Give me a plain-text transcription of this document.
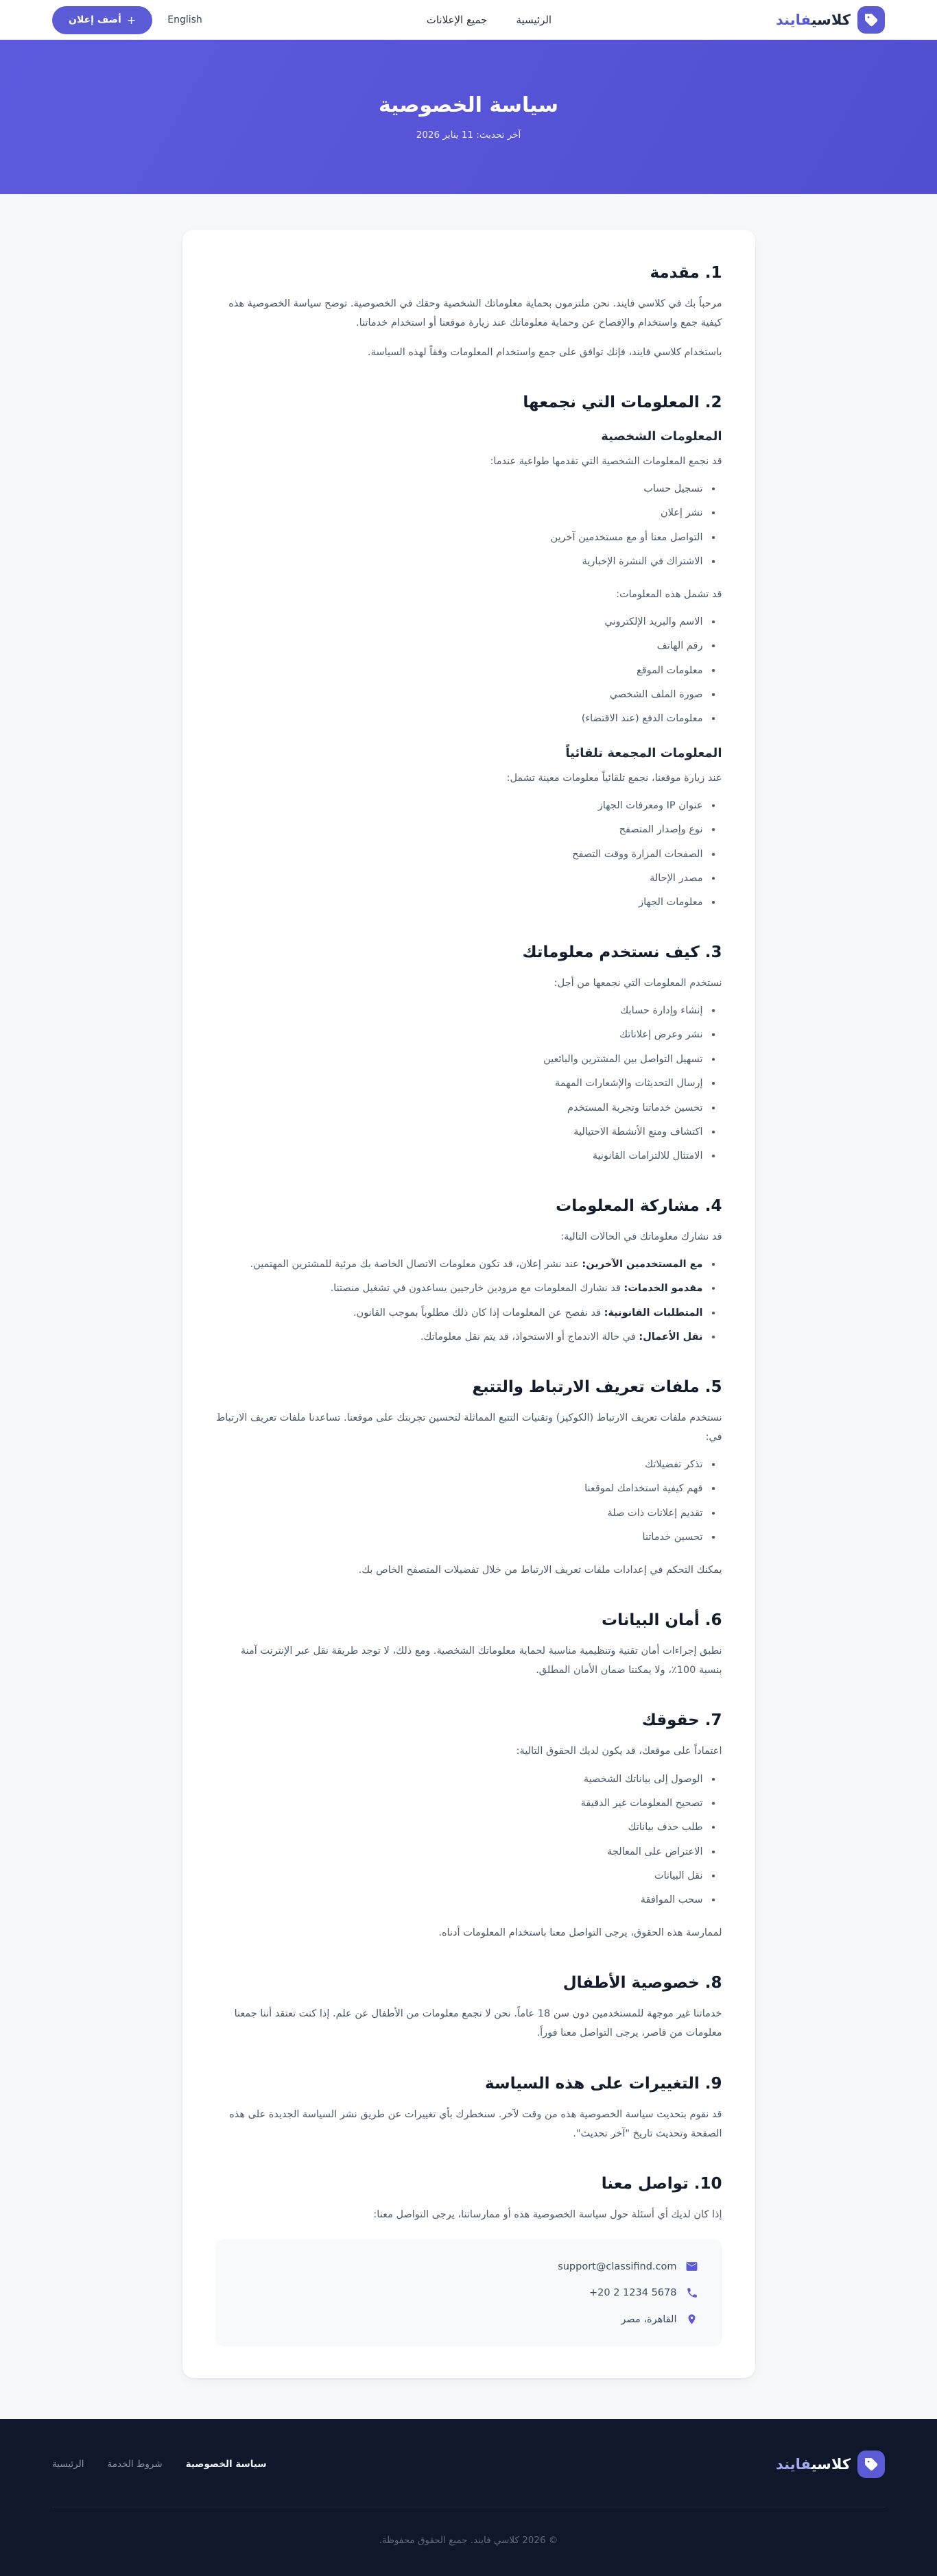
كلاسيفايند
الرئيسية
جميع الإعلانات
English
+
أضف إعلان
سياسة الخصوصية

آخر تحديث: 11 يناير 2026

1. مقدمة

مرحباً بك في كلاسي فايند. نحن ملتزمون بحماية معلوماتك الشخصية وحقك في الخصوصية. توضح سياسة الخصوصية هذه كيفية جمع واستخدام والإفصاح عن وحماية معلوماتك عند زيارة موقعنا أو استخدام خدماتنا.

باستخدام كلاسي فايند، فإنك توافق على جمع واستخدام المعلومات وفقاً لهذه السياسة.

2. المعلومات التي نجمعها
المعلومات الشخصية

قد نجمع المعلومات الشخصية التي تقدمها طواعية عندما:

• تسجيل حساب
• نشر إعلان
• التواصل معنا أو مع مستخدمين آخرين
• الاشتراك في النشرة الإخبارية

قد تشمل هذه المعلومات:

• الاسم والبريد الإلكتروني
• رقم الهاتف
• معلومات الموقع
• صورة الملف الشخصي
• معلومات الدفع (عند الاقتضاء)
المعلومات المجمعة تلقائياً

عند زيارة موقعنا، نجمع تلقائياً معلومات معينة تشمل:

• عنوان IP ومعرفات الجهاز
• نوع وإصدار المتصفح
• الصفحات المزارة ووقت التصفح
• مصدر الإحالة
• معلومات الجهاز
3. كيف نستخدم معلوماتك

نستخدم المعلومات التي نجمعها من أجل:

• إنشاء وإدارة حسابك
• نشر وعرض إعلاناتك
• تسهيل التواصل بين المشترين والبائعين
• إرسال التحديثات والإشعارات المهمة
• تحسين خدماتنا وتجربة المستخدم
• اكتشاف ومنع الأنشطة الاحتيالية
• الامتثال للالتزامات القانونية
4. مشاركة المعلومات

قد نشارك معلوماتك في الحالات التالية:

• مع المستخدمين الآخرين: عند نشر إعلان، قد تكون معلومات الاتصال الخاصة بك مرئية للمشترين المهتمين.
• مقدمو الخدمات: قد نشارك المعلومات مع مزودين خارجيين يساعدون في تشغيل منصتنا.
• المتطلبات القانونية: قد نفصح عن المعلومات إذا كان ذلك مطلوباً بموجب القانون.
• نقل الأعمال: في حالة الاندماج أو الاستحواذ، قد يتم نقل معلوماتك.
5. ملفات تعريف الارتباط والتتبع

نستخدم ملفات تعريف الارتباط (الكوكيز) وتقنيات التتبع المماثلة لتحسين تجربتك على موقعنا. تساعدنا ملفات تعريف الارتباط في:

• تذكر تفضيلاتك
• فهم كيفية استخدامك لموقعنا
• تقديم إعلانات ذات صلة
• تحسين خدماتنا

يمكنك التحكم في إعدادات ملفات تعريف الارتباط من خلال تفضيلات المتصفح الخاص بك.

6. أمان البيانات

نطبق إجراءات أمان تقنية وتنظيمية مناسبة لحماية معلوماتك الشخصية. ومع ذلك، لا توجد طريقة نقل عبر الإنترنت آمنة بنسبة 100٪، ولا يمكننا ضمان الأمان المطلق.

7. حقوقك

اعتماداً على موقعك، قد يكون لديك الحقوق التالية:

• الوصول إلى بياناتك الشخصية
• تصحيح المعلومات غير الدقيقة
• طلب حذف بياناتك
• الاعتراض على المعالجة
• نقل البيانات
• سحب الموافقة

لممارسة هذه الحقوق، يرجى التواصل معنا باستخدام المعلومات أدناه.

8. خصوصية الأطفال

خدماتنا غير موجهة للمستخدمين دون سن 18 عاماً. نحن لا نجمع معلومات من الأطفال عن علم. إذا كنت تعتقد أننا جمعنا معلومات من قاصر، يرجى التواصل معنا فوراً.

9. التغييرات على هذه السياسة

قد نقوم بتحديث سياسة الخصوصية هذه من وقت لآخر. سنخطرك بأي تغييرات عن طريق نشر السياسة الجديدة على هذه الصفحة وتحديث تاريخ "آخر تحديث".

10. تواصل معنا

إذا كان لديك أي أسئلة حول سياسة الخصوصية هذه أو ممارساتنا، يرجى التواصل معنا:

support@classifind.com
+20 2 1234 5678
القاهرة، مصر
كلاسيفايند
سياسة الخصوصية
شروط الخدمة
الرئيسية

© 2026 كلاسي فايند. جميع الحقوق محفوظة.
